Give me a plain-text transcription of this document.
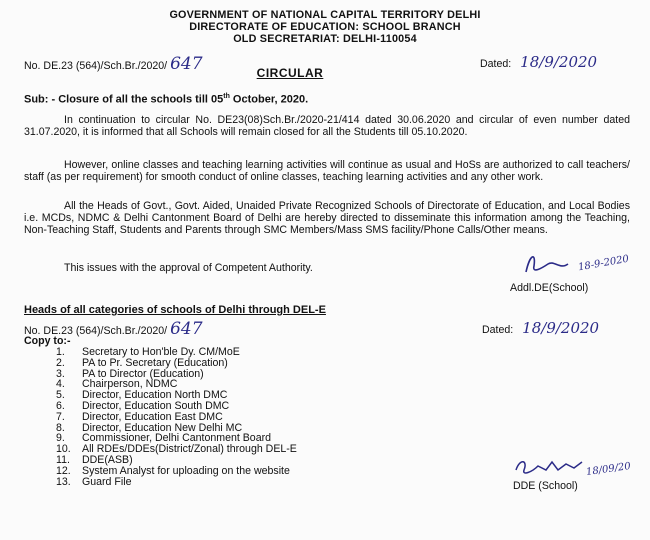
GOVERNMENT OF NATIONAL CAPITAL TERRITORY DELHI
DIRECTORATE OF EDUCATION: SCHOOL BRANCH
OLD SECRETARIAT: DELHI-110054
No. DE.23 (564)/Sch.Br./2020/ 647	Dated: 18/9/2020
CIRCULAR
Sub: - Closure of all the schools till 05th October, 2020.

In continuation to circular No. DE23(08)Sch.Br./2020-21/414 dated 30.06.2020 and circular of even number dated 31.07.2020, it is informed that all Schools will remain closed for all the Students till 05.10.2020.

However, online classes and teaching learning activities will continue as usual and HoSs are authorized to call teachers/ staff (as per requirement) for smooth conduct of online classes, teaching learning activities and any other work.

All the Heads of Govt., Govt. Aided, Unaided Private Recognized Schools of Directorate of Education, and Local Bodies i.e. MCDs, NDMC & Delhi Cantonment Board of Delhi are hereby directed to disseminate this information among the Teaching, Non-Teaching Staff, Students and Parents through SMC Members/Mass SMS facility/Phone Calls/Other means.

This issues with the approval of Competent Authority.	18-9-2020
Addl.DE(School)
Heads of all categories of schools of Delhi through DEL-E
No. DE.23 (564)/Sch.Br./2020/ 647	Dated: 18/9/2020
Copy to:-
1. Secretary to Hon'ble Dy. CM/MoE
2. PA to Pr. Secretary (Education)
3. PA to Director (Education)
4. Chairperson, NDMC
5. Director, Education North DMC
6. Director, Education South DMC
7. Director, Education East DMC
8. Director, Education New Delhi MC
9. Commissioner, Delhi Cantonment Board
10. All RDEs/DDEs(District/Zonal) through DEL-E
11. DDE(ASB)
12. System Analyst for uploading on the website
13. Guard File
18/09/20
DDE (School)
